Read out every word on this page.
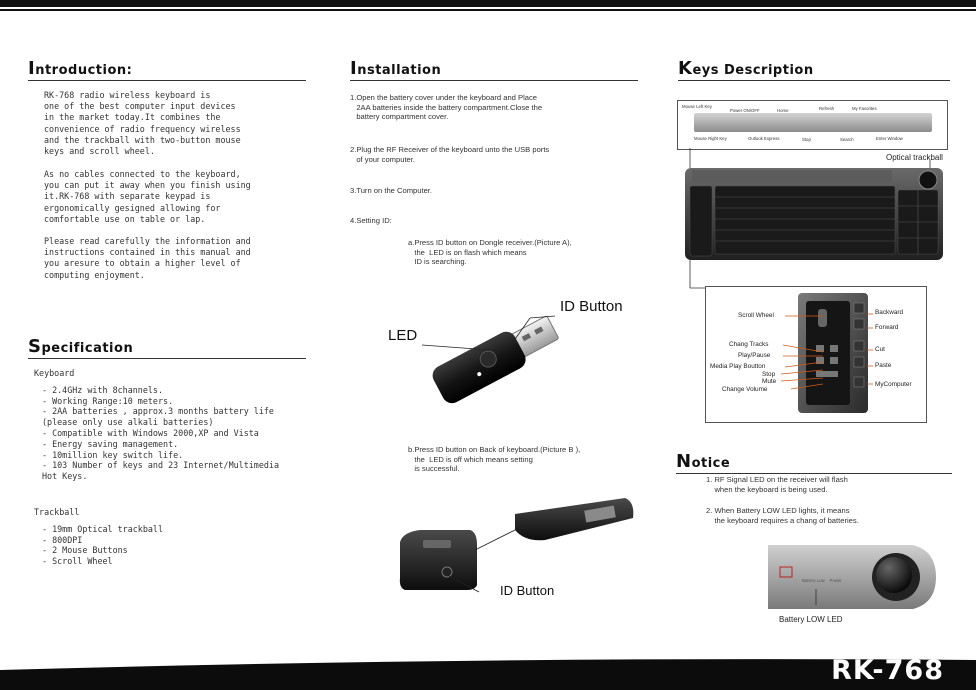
Introduction:
RK-768 radio wireless keyboard is
one of the best computer input devices
in the market today.It combines the
convenience of radio frequency wireless
and the trackball with two-button mouse
keys and scroll wheel.
As no cables connected to the keyboard,
you can put it away when you finish using
it.RK-768 with separate keypad is
ergonomically gesigned allowing for
comfortable use on table or lap.
Please read carefully the information and
instructions contained in this manual and
you aresure to obtain a higher level of
computing enjoyment.
Specification
Keyboard
- 2.4GHz with 8channels.
- Working Range:10 meters.
- 2AA batteries , approx.3 months battery life
(please only use alkali batteries)
- Compatible with Windows 2000,XP and Vista
- Energy saving management.
- 10million key switch life.
- 103 Number of keys and 23 Internet/Multimedia
Hot Keys.
Trackball
- 19mm Optical trackball
- 800DPI
- 2 Mouse Buttons
- Scroll Wheel
Installation
1.Open the battery cover under the keyboard and Place
2AA batteries inside the battery compartment.Close the
battery compartment cover.
2.Plug the RF Receiver of the keyboard unto the USB ports
of your computer.
3.Turn on the Computer.
4.Setting ID:
a.Press ID button on Dongle receiver.(Picture A),
the  LED is on flash which means
ID is searching.
ID Button
LED
b.Press ID button on Back of keyboard.(Picture B ),
the  LED is off which means setting
is successful.
ID Button
Keys Description
Mouse Left Key
Power ON/OFF	Home	Refresh	My Favorites
Mouse Right Key	Outlook Express	Stop	Search	Enter Window
Optical trackball
Scroll Wheel
Chang Tracks
Play/Pause
Media Play Boutton
Stop
Mute
Change Volume
Backward
Forward
Cut
Paste
MyComputer
Notice
1. RF Signal LED on the receiver will flash
when the keyboard is being used.
2. When Battery LOW LED lights, it means
the keyboard requires a chang of batteries.
Battery Low    Power
Battery LOW LED
RK-768
